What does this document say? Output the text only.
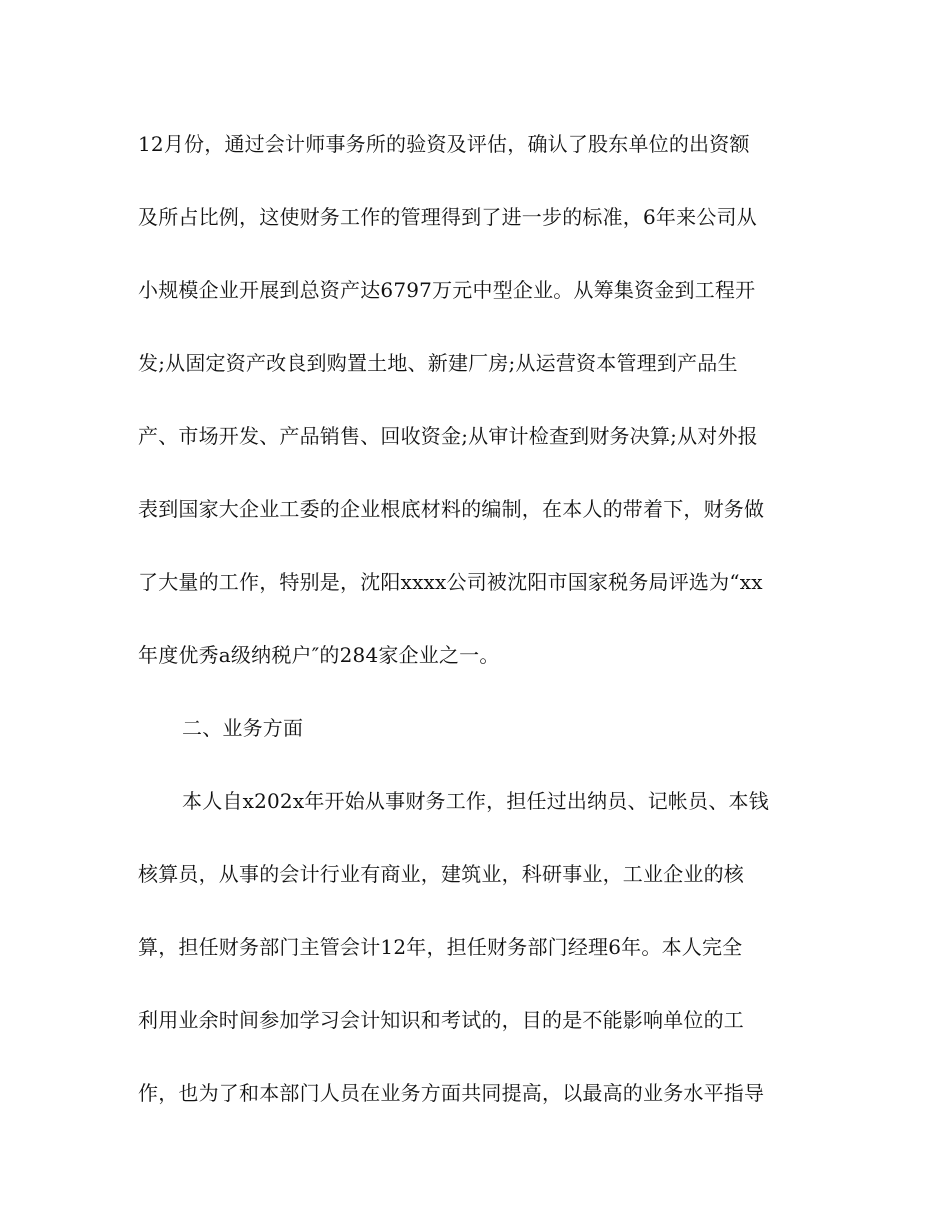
12月份，通过会计师事务所的验资及评估，确认了股东单位的出资额
及所占比例，这使财务工作的管理得到了进一步的标准，6年来公司从
小规模企业开展到总资产达6797万元中型企业。从筹集资金到工程开
发;从固定资产改良到购置土地、新建厂房;从运营资本管理到产品生
产、市场开发、产品销售、回收资金;从审计检查到财务决算;从对外报
表到国家大企业工委的企业根底材料的编制，在本人的带着下，财务做
了大量的工作，特别是，沈阳xxxx公司被沈阳市国家税务局评选为“xx
年度优秀a级纳税户″的284家企业之一。
二、业务方面
本人自x202x年开始从事财务工作，担任过出纳员、记帐员、本钱
核算员，从事的会计行业有商业，建筑业，科研事业，工业企业的核
算，担任财务部门主管会计12年，担任财务部门经理6年。本人完全
利用业余时间参加学习会计知识和考试的，目的是不能影响单位的工
作，也为了和本部门人员在业务方面共同提高，以最高的业务水平指导
